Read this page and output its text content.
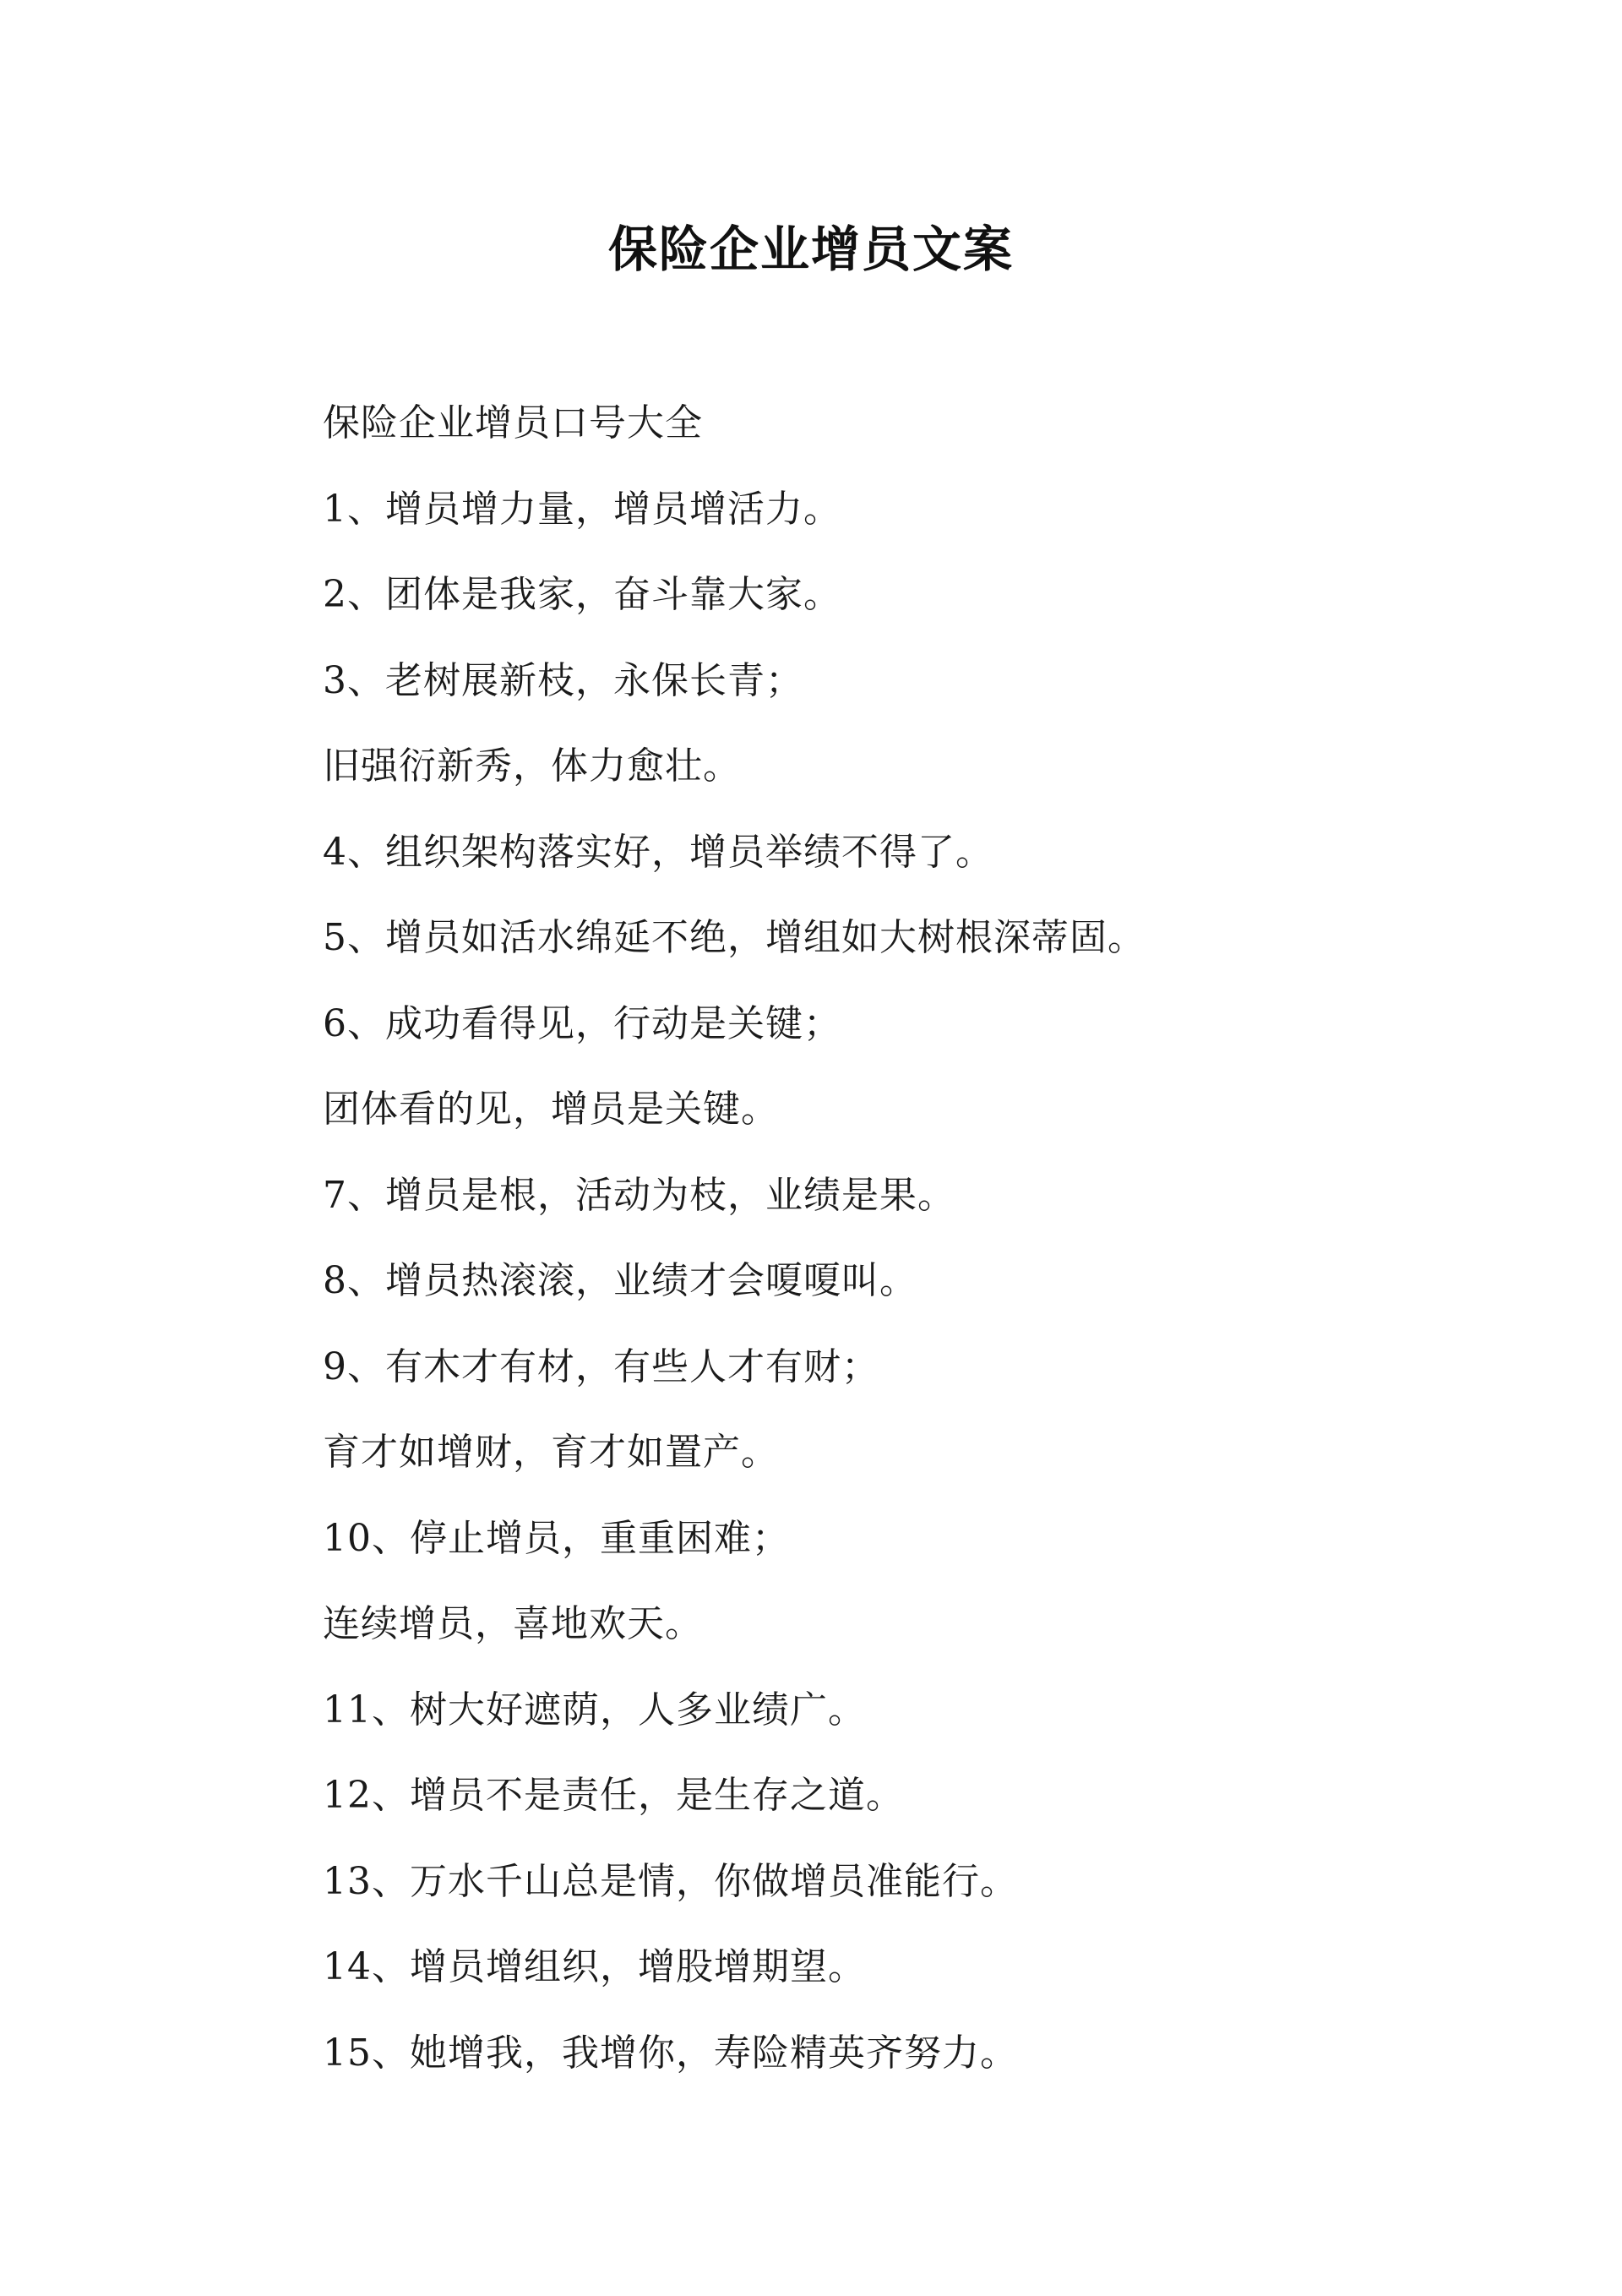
保险企业增员文案
保险企业增员口号大全
1、增员增力量，增员增活力。
2、团体是我家，奋斗靠大家。
3、老树展新枝，永保长青；
旧强衍新秀，体力愈壮。
4、组织架构落实好，增员举绩不得了。
5、增员如活水绵延不绝，增组如大树根深蒂固。
6、成功看得见，行动是关键；
团体看的见，增员是关键。
7、增员是根，活动为枝，业绩是果。
8、增员热滚滚，业绩才会嗄嗄叫。
9、有木才有材，有些人才有财；
育才如增财，育才如置产。
10、停止增员，重重困难；
连续增员，喜地欢天。
11、树大好遮荫，人多业绩广。
12、增员不是责任，是生存之道。
13、万水千山总是情，你做增员准能行。
14、增员增组织，增股增期望。
15、她增我，我增你，寿险精英齐努力。
